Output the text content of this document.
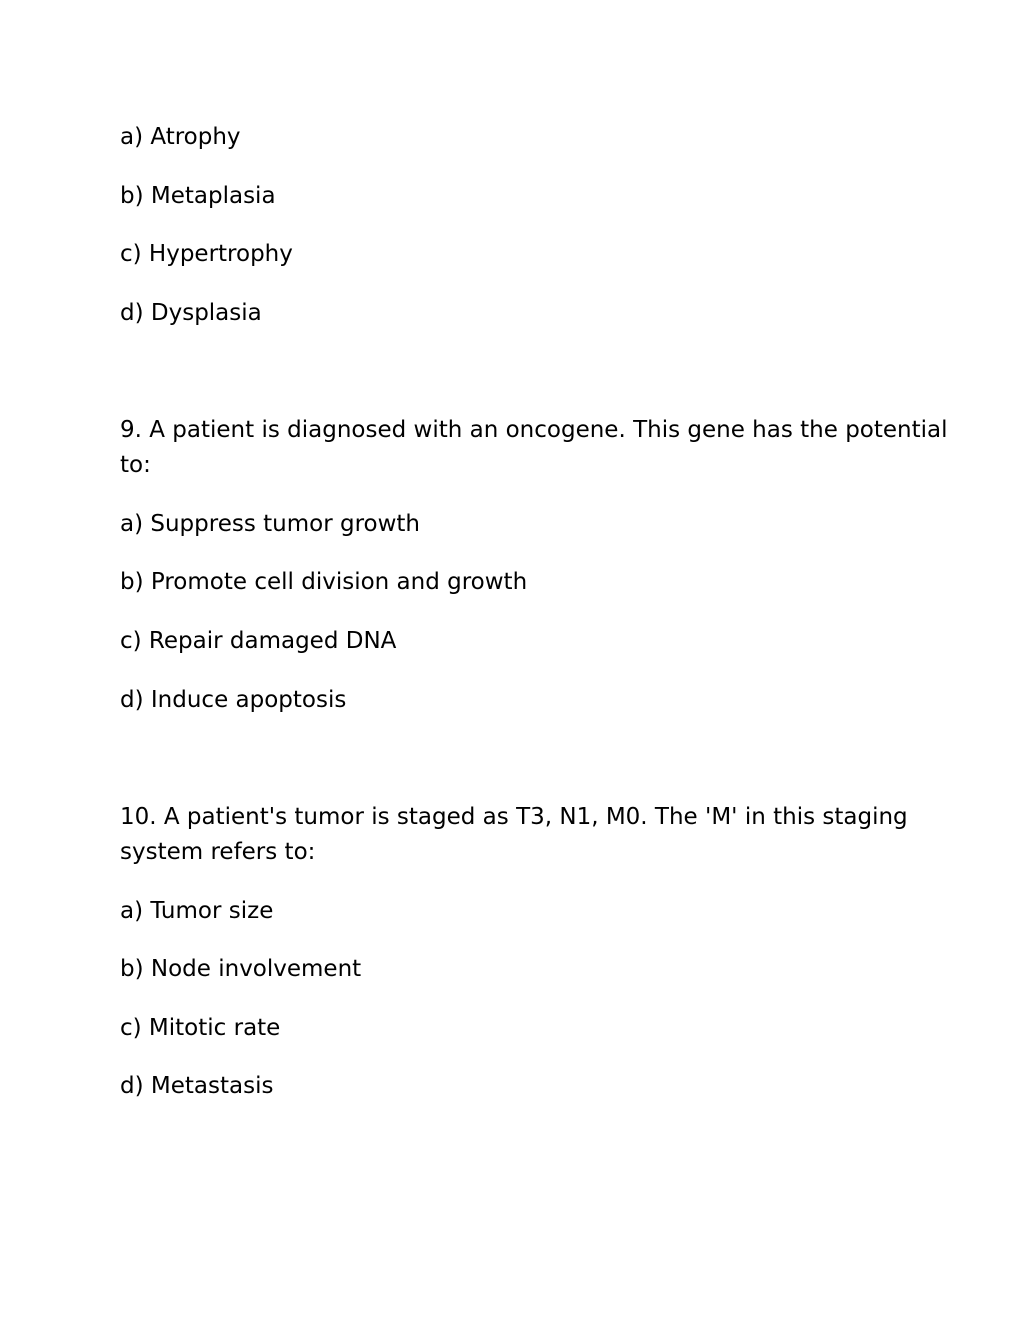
a) Atrophy
b) Metaplasia
c) Hypertrophy
d) Dysplasia
9. A patient is diagnosed with an oncogene. This gene has the potential
to:
a) Suppress tumor growth
b) Promote cell division and growth
c) Repair damaged DNA
d) Induce apoptosis
10. A patient's tumor is staged as T3, N1, M0. The 'M' in this staging
system refers to:
a) Tumor size
b) Node involvement
c) Mitotic rate
d) Metastasis
